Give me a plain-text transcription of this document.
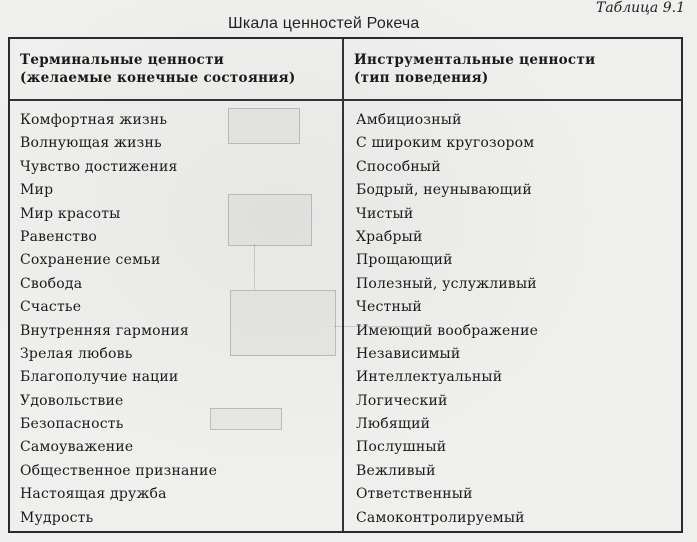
Таблица 9.1
Шкала ценностей Рокеча
Терминальные ценности
(желаемые конечные состояния)
Инструментальные ценности
(тип поведения)
Комфортная жизнь
Волнующая жизнь
Чувство достижения
Мир
Мир красоты
Равенство
Сохранение семьи
Свобода
Счастье
Внутренняя гармония
Зрелая любовь
Благополучие нации
Удовольствие
Безопасность
Самоуважение
Общественное признание
Настоящая дружба
Мудрость
Амбициозный
С широким кругозором
Способный
Бодрый, неунывающий
Чистый
Храбрый
Прощающий
Полезный, услужливый
Честный
Имеющий воображение
Независимый
Интеллектуальный
Логический
Любящий
Послушный
Вежливый
Ответственный
Самоконтролируемый
